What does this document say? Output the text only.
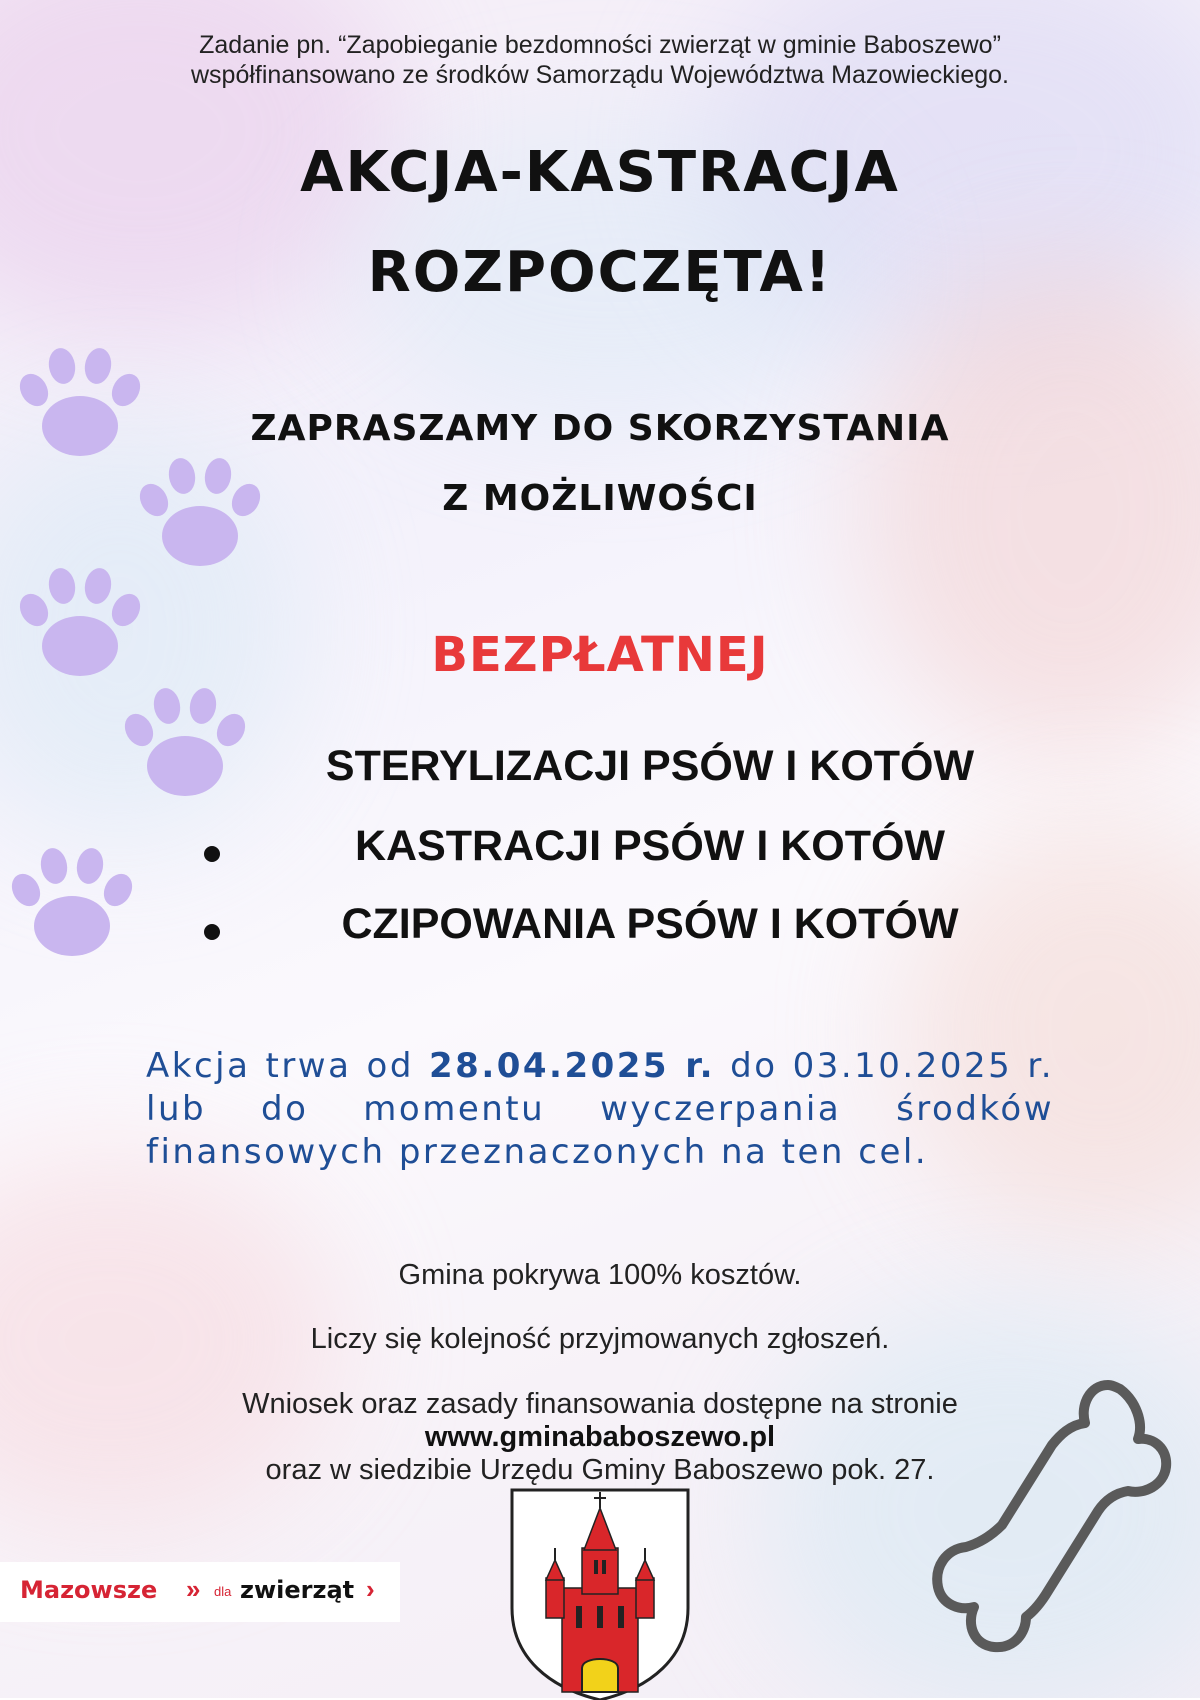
Zadanie pn. “Zapobieganie bezdomności zwierząt w gminie Baboszewo”
współfinansowano ze środków Samorządu Województwa Mazowieckiego.
AKCJA-KASTRACJA
ROZPOCZĘTA!
ZAPRASZAMY DO SKORZYSTANIA
Z MOŻLIWOŚCI
BEZPŁATNEJ
STERYLIZACJI PSÓW I KOTÓW
KASTRACJI PSÓW I KOTÓW
CZIPOWANIA PSÓW I KOTÓW
Akcja trwa od 28.04.2025 r. do 03.10.2025 r.
lub do momentu wyczerpania środków
finansowych przeznaczonych na ten cel.
Gmina pokrywa 100% kosztów.
Liczy się kolejność przyjmowanych zgłoszeń.
Wniosek oraz zasady finansowania dostępne na stronie
www.gminababoszewo.pl
oraz w siedzibie Urzędu Gminy Baboszewo pok. 27.
Mazowsze » dla zwierząt ›
